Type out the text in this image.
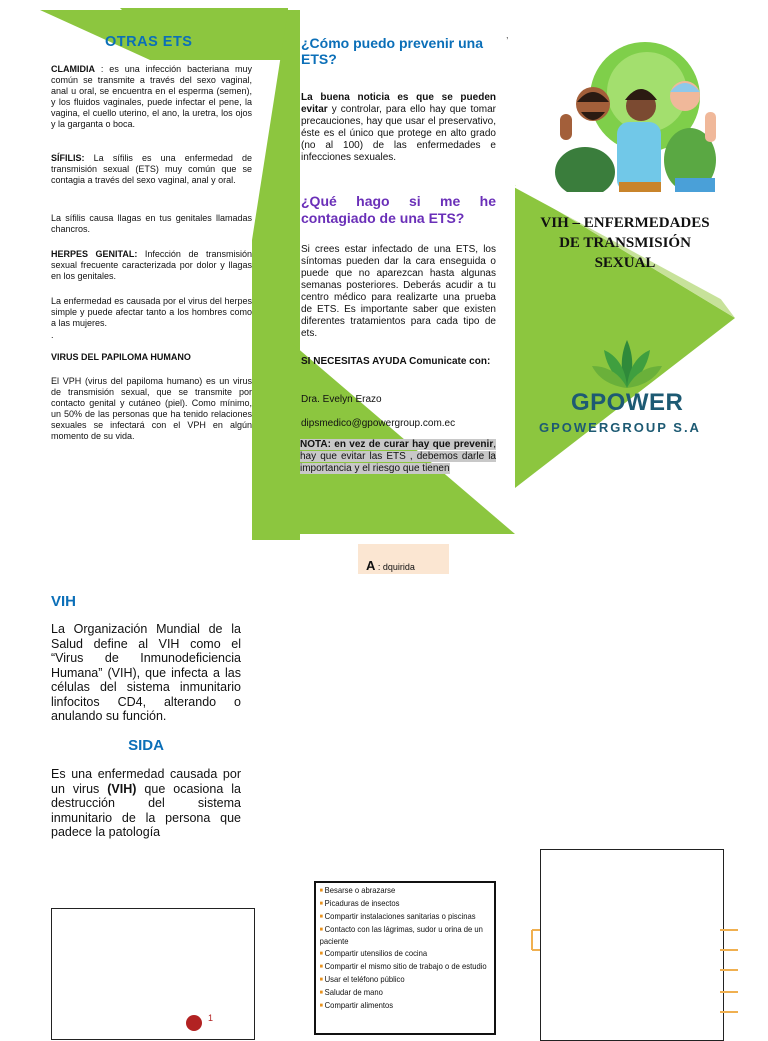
OTRAS ETS
CLAMIDIA : es una infección bacteriana muy común se transmite a través del sexo vaginal, anal u oral, se encuentra en el esperma (semen), y los fluidos vaginales, puede infectar el pene, la vagina, el cuello uterino, el ano, la uretra, los ojos y la garganta o boca.
SÍFILIS: La sífilis es una enfermedad de transmisión sexual (ETS) muy común que se contagia a través del sexo vaginal, anal y oral.
La sífilis causa llagas en tus genitales llamadas chancros.
HERPES GENITAL: Infección de transmisión sexual frecuente caracterizada por dolor y llagas en los genitales.
La enfermedad es causada por el virus del herpes simple y puede afectar tanto a los hombres como a las mujeres.
.
VIRUS DEL PAPILOMA HUMANO
El VPH (virus del papiloma humano) es un virus de transmisión sexual, que se transmite por contacto genital y cutáneo (piel). Como mínimo, un 50% de las personas que ha tenido relaciones sexuales se infectará con el VPH en algún momento de su vida.
¿Cómo puedo prevenir una ETS?
,
La buena noticia es que se pueden evitar y controlar, para ello hay que tomar precauciones, hay que usar el preservativo, éste es el único que protege en alto grado (no al 100) de las enfermedades e infecciones sexuales.
¿Qué hago si me he contagiado de una ETS?
Si crees estar infectado de una ETS, los síntomas pueden dar la cara enseguida o puede que no aparezcan hasta algunas semanas posteriores. Deberás acudir a tu centro médico para realizarte una prueba de ETS. Es importante saber que existen diferentes tratamientos para cada tipo de ets.
SI NECESITAS AYUDA Comunicate con:
Dra. Evelyn Erazo
dipsmedico@gpowergroup.com.ec
NOTA: en vez de curar hay que prevenir, hay que evitar las ETS , debemos darle la importancia y el riesgo que tienen
VIH – ENFERMEDADES DE TRANSMISIÓN SEXUAL
GPOWER
GPOWERGROUP S.A
A : dquirida
VIH
La Organización Mundial de la Salud define al VIH como el “Virus de Inmunodeficiencia Humana” (VIH), que infecta a las células del sistema inmunitario linfocitos CD4, alterando o anulando su función.
SIDA
Es una enfermedad causada por un virus (VIH) que ocasiona la destrucción del sistema inmunitario de la persona que padece la patología
1
■ Besarse o abrazarse
■ Picaduras de insectos
■ Compartir instalaciones sanitarias o piscinas
■ Contacto con las lágrimas, sudor u orina de un paciente
■ Compartir utensilios de cocina
■ Compartir el mismo sitio de trabajo o de estudio
■ Usar el teléfono público
■ Saludar de mano
■ Compartir alimentos
